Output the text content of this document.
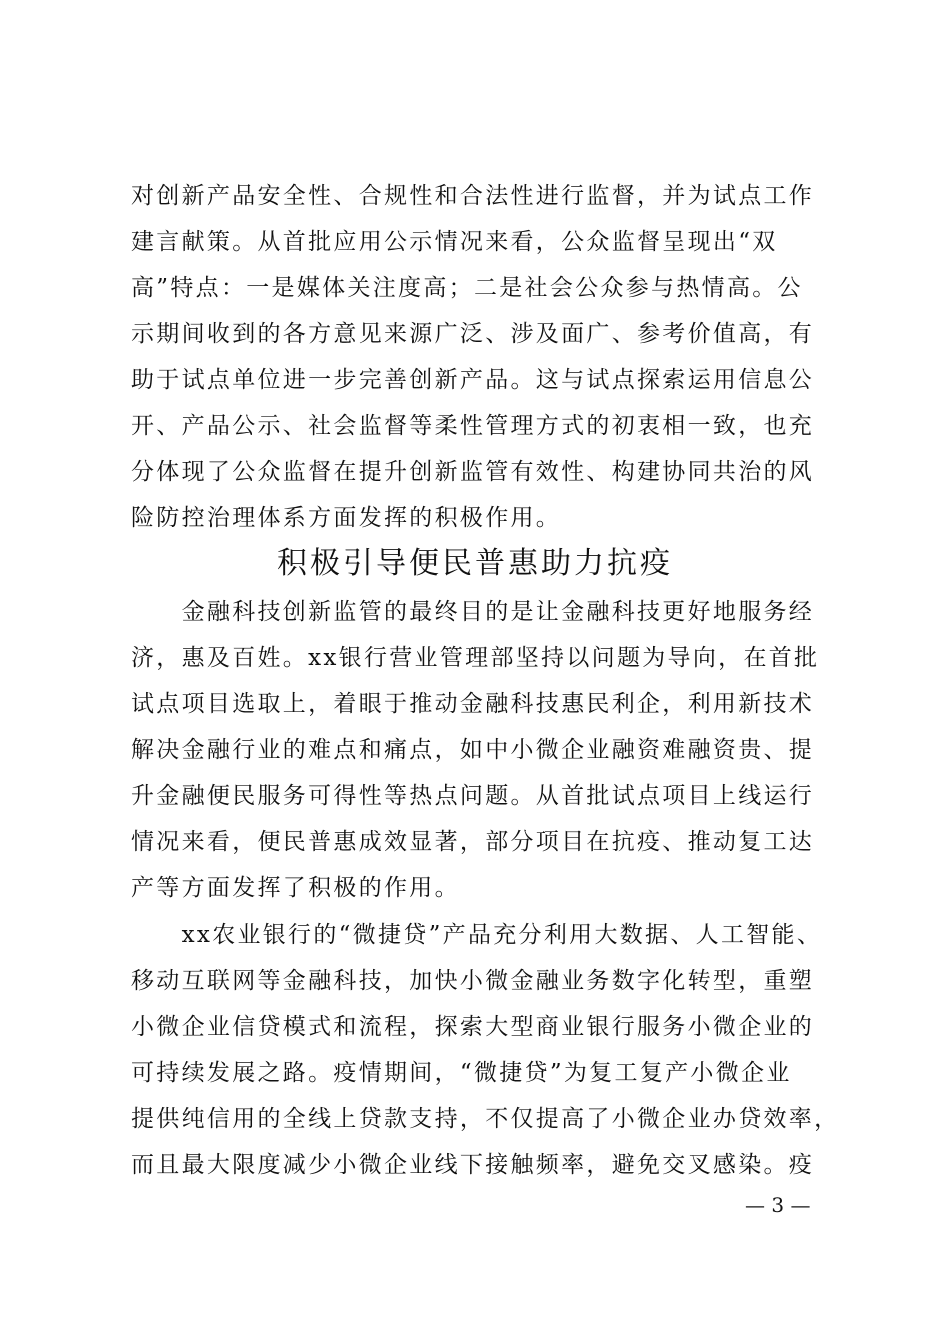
对创新产品安全性、合规性和合法性进行监督，并为试点工作
建言献策。从首批应用公示情况来看，公众监督呈现出“双
高”特点：一是媒体关注度高；二是社会公众参与热情高。公
示期间收到的各方意见来源广泛、涉及面广、参考价值高，有
助于试点单位进一步完善创新产品。这与试点探索运用信息公
开、产品公示、社会监督等柔性管理方式的初衷相一致，也充
分体现了公众监督在提升创新监管有效性、构建协同共治的风
险防控治理体系方面发挥的积极作用。
积极引导便民普惠助力抗疫
　　金融科技创新监管的最终目的是让金融科技更好地服务经
济，惠及百姓。xx银行营业管理部坚持以问题为导向，在首批
试点项目选取上，着眼于推动金融科技惠民利企，利用新技术
解决金融行业的难点和痛点，如中小微企业融资难融资贵、提
升金融便民服务可得性等热点问题。从首批试点项目上线运行
情况来看，便民普惠成效显著，部分项目在抗疫、推动复工达
产等方面发挥了积极的作用。
　　xx农业银行的“微捷贷”产品充分利用大数据、人工智能、
移动互联网等金融科技，加快小微金融业务数字化转型，重塑
小微企业信贷模式和流程，探索大型商业银行服务小微企业的
可持续发展之路。疫情期间，“微捷贷”为复工复产小微企业
提供纯信用的全线上贷款支持，不仅提高了小微企业办贷效率，
而且最大限度减少小微企业线下接触频率，避免交叉感染。疫
— 3 —
